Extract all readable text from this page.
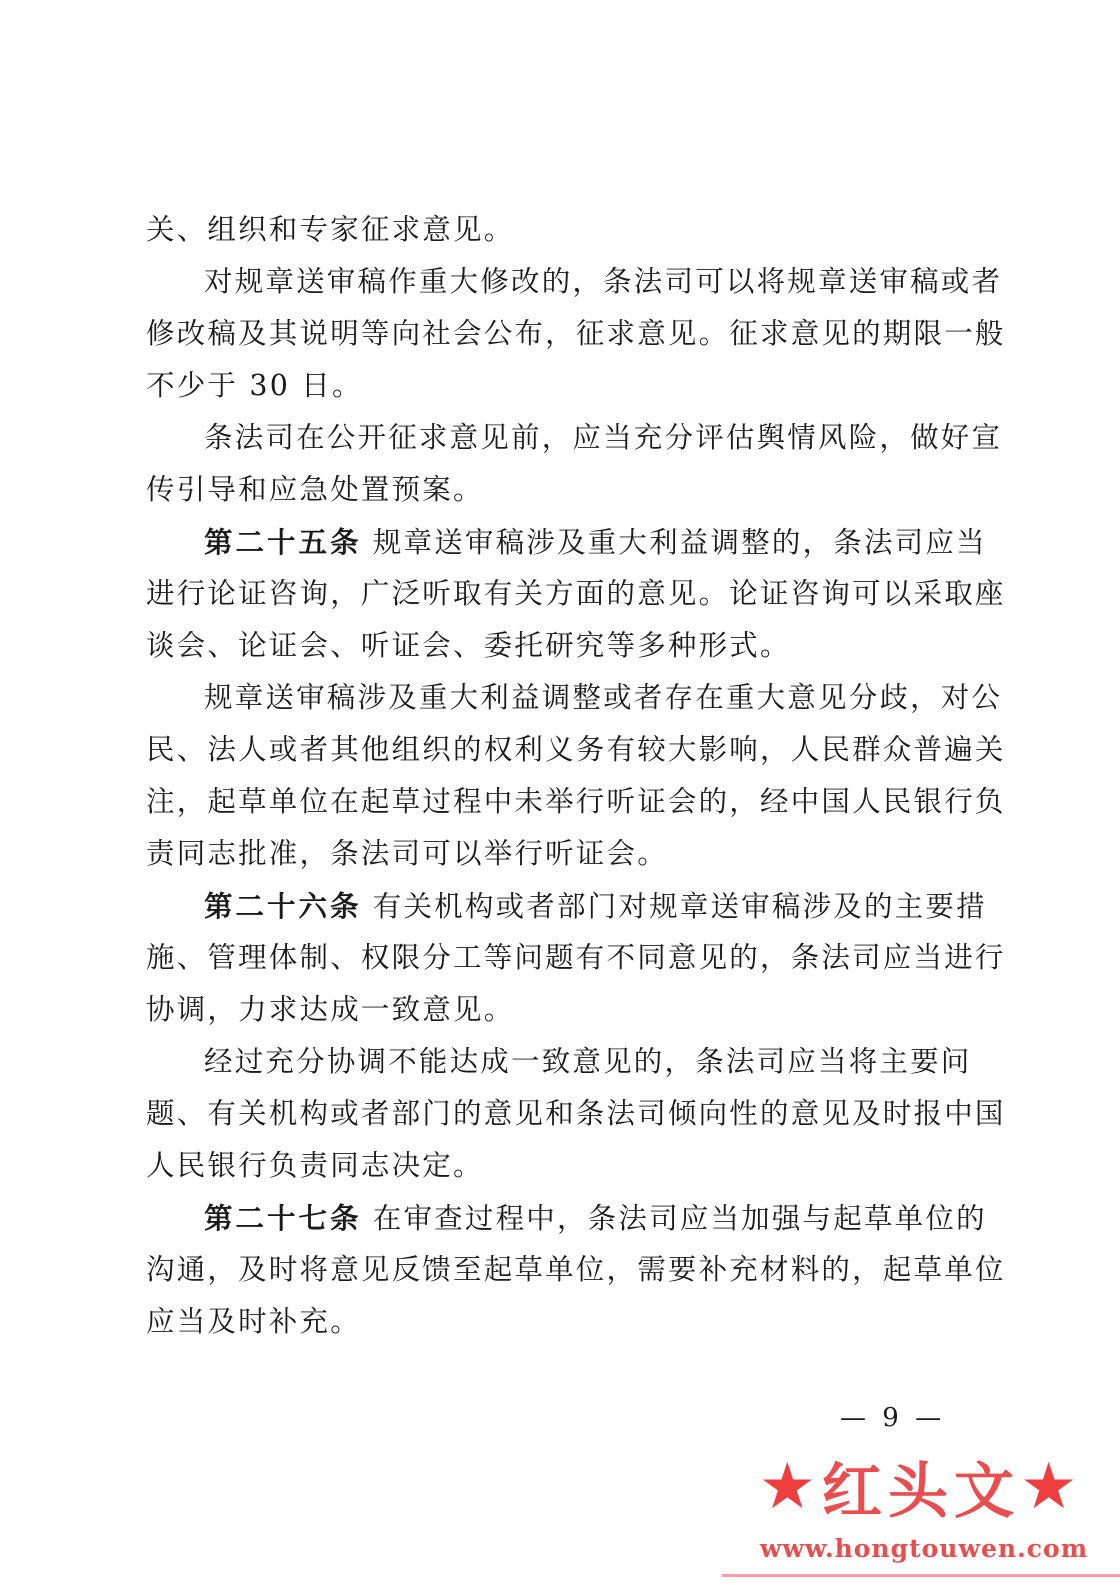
关、组织和专家征求意见。
对规章送审稿作重大修改的，条法司可以将规章送审稿或者
修改稿及其说明等向社会公布，征求意见。征求意见的期限一般
不少于 30 日。
条法司在公开征求意见前，应当充分评估舆情风险，做好宣
传引导和应急处置预案。
第二十五条 规章送审稿涉及重大利益调整的，条法司应当
进行论证咨询，广泛听取有关方面的意见。论证咨询可以采取座
谈会、论证会、听证会、委托研究等多种形式。
规章送审稿涉及重大利益调整或者存在重大意见分歧，对公
民、法人或者其他组织的权利义务有较大影响，人民群众普遍关
注，起草单位在起草过程中未举行听证会的，经中国人民银行负
责同志批准，条法司可以举行听证会。
第二十六条 有关机构或者部门对规章送审稿涉及的主要措
施、管理体制、权限分工等问题有不同意见的，条法司应当进行
协调，力求达成一致意见。
经过充分协调不能达成一致意见的，条法司应当将主要问
题、有关机构或者部门的意见和条法司倾向性的意见及时报中国
人民银行负责同志决定。
第二十七条 在审查过程中，条法司应当加强与起草单位的
沟通，及时将意见反馈至起草单位，需要补充材料的，起草单位
应当及时补充。
— 9 —
★ 红头文 ★
www.hongtouwen.com
